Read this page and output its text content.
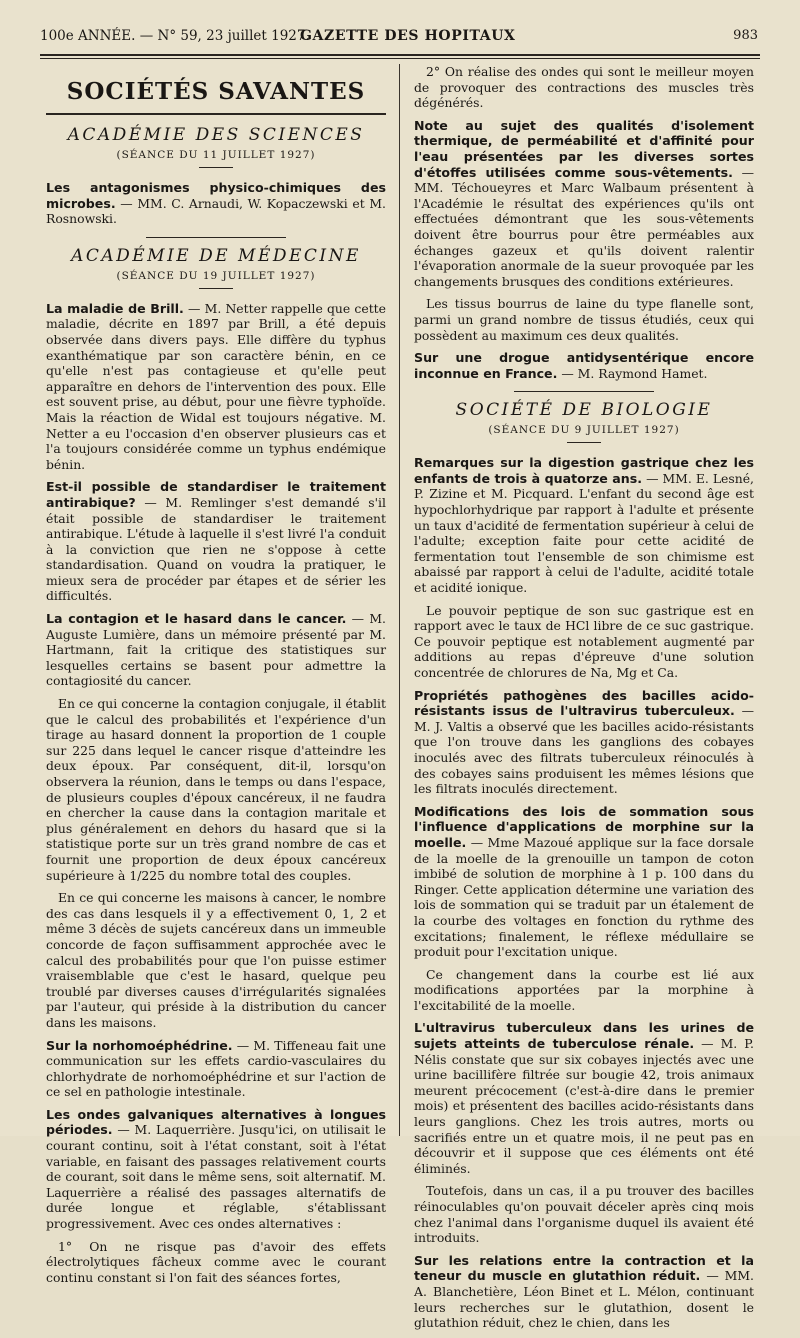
100e ANNÉE. — N° 59, 23 juillet 1927.
GAZETTE DES HOPITAUX	983
SOCIÉTÉS SAVANTES
ACADÉMIE DES SCIENCES
(SÉANCE DU 11 JUILLET 1927)

Les antagonismes physico-chimiques des microbes. — MM. C. Arnaudi, W. Kopaczewski et M. Rosnowski.

ACADÉMIE DE MÉDECINE
(SÉANCE DU 19 JUILLET 1927)

La maladie de Brill. — M. Netter rappelle que cette maladie, décrite en 1897 par Brill, a été depuis observée dans divers pays. Elle diffère du typhus exanthématique par son caractère bénin, en ce qu'elle n'est pas contagieuse et qu'elle peut apparaître en dehors de l'intervention des poux. Elle est souvent prise, au début, pour une fièvre typhoïde. Mais la réaction de Widal est toujours négative. M. Netter a eu l'occasion d'en observer plusieurs cas et l'a toujours considérée comme un typhus endémique bénin.

Est-il possible de standardiser le traitement antirabique? — M. Remlinger s'est demandé s'il était possible de standardiser le traitement antirabique. L'étude à laquelle il s'est livré l'a conduit à la conviction que rien ne s'oppose à cette standardisation. Quand on voudra la pratiquer, le mieux sera de procéder par étapes et de sérier les difficultés.

La contagion et le hasard dans le cancer. — M. Auguste Lumière, dans un mémoire présenté par M. Hartmann, fait la critique des statistiques sur lesquelles certains se basent pour admettre la contagiosité du cancer.

En ce qui concerne la contagion conjugale, il établit que le calcul des probabilités et l'expérience d'un tirage au hasard donnent la proportion de 1 couple sur 225 dans lequel le cancer risque d'atteindre les deux époux. Par conséquent, dit-il, lorsqu'on observera la réunion, dans le temps ou dans l'espace, de plusieurs couples d'époux cancéreux, il ne faudra en chercher la cause dans la contagion maritale et plus généralement en dehors du hasard que si la statistique porte sur un très grand nombre de cas et fournit une proportion de deux époux cancéreux supérieure à 1/225 du nombre total des couples.

En ce qui concerne les maisons à cancer, le nombre des cas dans lesquels il y a effectivement 0, 1, 2 et même 3 décès de sujets cancéreux dans un immeuble concorde de façon suffisamment approchée avec le calcul des probabilités pour que l'on puisse estimer vraisemblable que c'est le hasard, quelque peu troublé par diverses causes d'irrégularités signalées par l'auteur, qui préside à la distribution du cancer dans les maisons.

Sur la norhomoéphédrine. — M. Tiffeneau fait une communication sur les effets cardio-vasculaires du chlorhydrate de norhomoéphédrine et sur l'action de ce sel en pathologie intestinale.

Les ondes galvaniques alternatives à longues périodes. — M. Laquerrière. Jusqu'ici, on utilisait le courant continu, soit à l'état constant, soit à l'état variable, en faisant des passages relativement courts de courant, soit dans le même sens, soit alternatif. M. Laquerrière a réalisé des passages alternatifs de durée longue et réglable, s'établissant progressivement. Avec ces ondes alternatives :

1° On ne risque pas d'avoir des effets électrolytiques fâcheux comme avec le courant continu constant si l'on fait des séances fortes,

2° On réalise des ondes qui sont le meilleur moyen de provoquer des contractions des muscles très dégénérés.

Note au sujet des qualités d'isolement thermique, de perméabilité et d'affinité pour l'eau présentées par les diverses sortes d'étoffes utilisées comme sous-vêtements. — MM. Téchoueyres et Marc Walbaum présentent à l'Académie le résultat des expériences qu'ils ont effectuées démontrant que les sous-vêtements doivent être bourrus pour être perméables aux échanges gazeux et qu'ils doivent ralentir l'évaporation anormale de la sueur provoquée par les changements brusques des conditions extérieures.

Les tissus bourrus de laine du type flanelle sont, parmi un grand nombre de tissus étudiés, ceux qui possèdent au maximum ces deux qualités.

Sur une drogue antidysentérique encore inconnue en France. — M. Raymond Hamet.

SOCIÉTÉ DE BIOLOGIE
(SÉANCE DU 9 JUILLET 1927)

Remarques sur la digestion gastrique chez les enfants de trois à quatorze ans. — MM. E. Lesné, P. Zizine et M. Picquard. L'enfant du second âge est hypochlorhydrique par rapport à l'adulte et présente un taux d'acidité de fermentation supérieur à celui de l'adulte; exception faite pour cette acidité de fermentation tout l'ensemble de son chimisme est abaissé par rapport à celui de l'adulte, acidité totale et acidité ionique.

Le pouvoir peptique de son suc gastrique est en rapport avec le taux de HCl libre de ce suc gastrique. Ce pouvoir peptique est notablement augmenté par additions au repas d'épreuve d'une solution concentrée de chlorures de Na, Mg et Ca.

Propriétés pathogènes des bacilles acido-résistants issus de l'ultravirus tuberculeux. — M. J. Valtis a observé que les bacilles acido-résistants que l'on trouve dans les ganglions des cobayes inoculés avec des filtrats tuberculeux réinoculés à des cobayes sains produisent les mêmes lésions que les filtrats inoculés directement.

Modifications des lois de sommation sous l'influence d'applications de morphine sur la moelle. — Mme Mazoué applique sur la face dorsale de la moelle de la grenouille un tampon de coton imbibé de solution de morphine à 1 p. 100 dans du Ringer. Cette application détermine une variation des lois de sommation qui se traduit par un étalement de la courbe des voltages en fonction du rythme des excitations; finalement, le réflexe médullaire se produit pour l'excitation unique.

Ce changement dans la courbe est lié aux modifications apportées par la morphine à l'excitabilité de la moelle.

L'ultravirus tuberculeux dans les urines de sujets atteints de tuberculose rénale. — M. P. Nélis constate que sur six cobayes injectés avec une urine bacillifère filtrée sur bougie 42, trois animaux meurent précocement (c'est-à-dire dans le premier mois) et présentent des bacilles acido-résistants dans leurs ganglions. Chez les trois autres, morts ou sacrifiés entre un et quatre mois, il ne peut pas en découvrir et il suppose que ces éléments ont été éliminés.

Toutefois, dans un cas, il a pu trouver des bacilles réinoculables qu'on pouvait déceler après cinq mois chez l'animal dans l'organisme duquel ils avaient été introduits.

Sur les relations entre la contraction et la teneur du muscle en glutathion réduit. — MM. A. Blanchetière, Léon Binet et L. Mélon, continuant leurs recherches sur le glutathion, dosent le glutathion réduit, chez le chien, dans les
